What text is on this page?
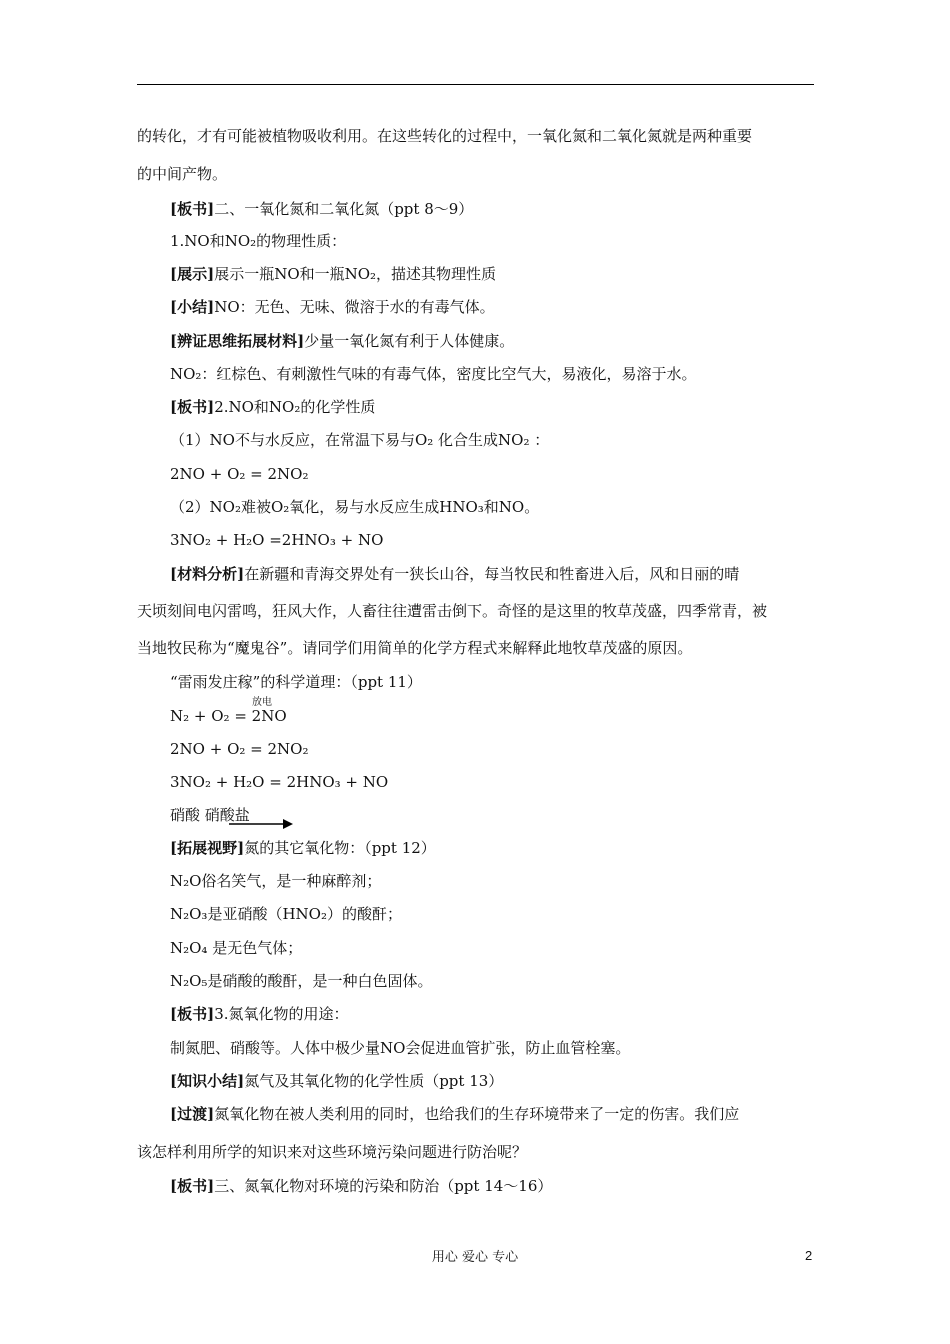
的转化，才有可能被植物吸收利用。在这些转化的过程中，一氧化氮和二氧化氮就是两种重要
的中间产物。
[板书]二、一氧化氮和二氧化氮（ppt 8～9）
1.NO和NO₂的物理性质：
[展示]展示一瓶NO和一瓶NO₂，描述其物理性质
[小结]NO：无色、无味、微溶于水的有毒气体。
[辨证思维拓展材料]少量一氧化氮有利于人体健康。
NO₂：红棕色、有刺激性气味的有毒气体，密度比空气大，易液化，易溶于水。
[板书]2.NO和NO₂的化学性质
（1）NO不与水反应，在常温下易与O₂ 化合生成NO₂ ：
2NO + O₂ = 2NO₂
（2）NO₂难被O₂氧化，易与水反应生成HNO₃和NO。
3NO₂ + H₂O =2HNO₃ + NO
[材料分析]在新疆和青海交界处有一狭长山谷，每当牧民和牲畜进入后，风和日丽的晴
天顷刻间电闪雷鸣，狂风大作，人畜往往遭雷击倒下。奇怪的是这里的牧草茂盛，四季常青，被
当地牧民称为“魔鬼谷”。请同学们用简单的化学方程式来解释此地牧草茂盛的原因。
“雷雨发庄稼”的科学道理：（ppt 11）
放电
N₂ + O₂ = 2NO
2NO + O₂ = 2NO₂
3NO₂ + H₂O = 2HNO₃ + NO
硝酸 硝酸盐
[拓展视野]氮的其它氧化物：（ppt 12）
N₂O俗名笑气，是一种麻醉剂；
N₂O₃是亚硝酸（HNO₂）的酸酐；
N₂O₄ 是无色气体；
N₂O₅是硝酸的酸酐，是一种白色固体。
[板书]3.氮氧化物的用途：
制氮肥、硝酸等。人体中极少量NO会促进血管扩张，防止血管栓塞。
[知识小结]氮气及其氧化物的化学性质（ppt 13）
[过渡]氮氧化物在被人类利用的同时，也给我们的生存环境带来了一定的伤害。我们应
该怎样利用所学的知识来对这些环境污染问题进行防治呢？
[板书]三、氮氧化物对环境的污染和防治（ppt 14～16）
用心 爱心 专心	2
